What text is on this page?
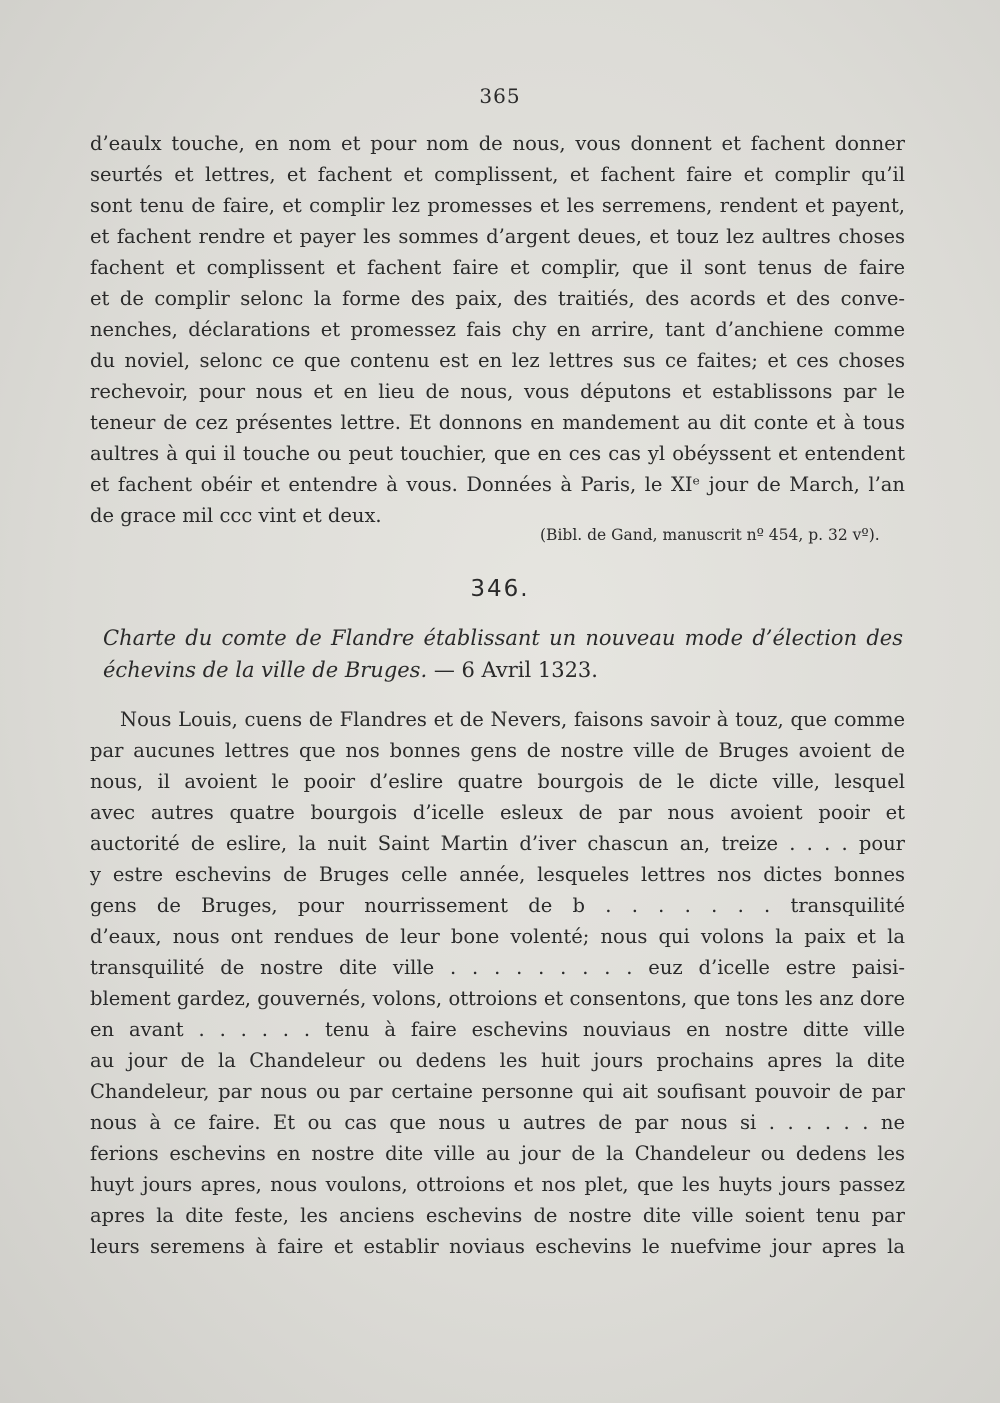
365
d’eaulx touche, en nom et pour nom de nous, vous donnent et fachent donner
seurtés et lettres, et fachent et complissent, et fachent faire et complir qu’il
sont tenu de faire, et complir lez promesses et les serremens, rendent et payent,
et fachent rendre et payer les sommes d’argent deues, et touz lez aultres choses
fachent et complissent et fachent faire et complir, que il sont tenus de faire
et de complir selonc la forme des paix, des traitiés, des acords et des conve-
nenches, déclarations et promessez fais chy en arrire, tant d’anchiene comme
du noviel, selonc ce que contenu est en lez lettres sus ce faites; et ces choses
rechevoir, pour nous et en lieu de nous, vous députons et establissons par le
teneur de cez présentes lettre. Et donnons en mandement au dit conte et à tous
aultres à qui il touche ou peut touchier, que en ces cas yl obéyssent et entendent
et fachent obéir et entendre à vous. Données à Paris, le XIᵉ jour de March, l’an
de grace mil ccc vint et deux.
(Bibl. de Gand, manuscrit nº 454, p. 32 vº).
346.
Charte du comte de Flandre établissant un nouveau mode d’élection des
échevins de la ville de Bruges. — 6 Avril 1323.
Nous Louis, cuens de Flandres et de Nevers, faisons savoir à touz, que comme
par aucunes lettres que nos bonnes gens de nostre ville de Bruges avoient de
nous, il avoient le pooir d’eslire quatre bourgois de le dicte ville, lesquel
avec autres quatre bourgois d’icelle esleux de par nous avoient pooir et
auctorité de eslire, la nuit Saint Martin d’iver chascun an, treize . . . . pour
y estre eschevins de Bruges celle année, lesqueles lettres nos dictes bonnes
gens de Bruges, pour nourrissement de b . . . . . . . transquilité
d’eaux, nous ont rendues de leur bone volenté; nous qui volons la paix et la
transquilité de nostre dite ville . . . . . . . . . euz d’icelle estre paisi-
blement gardez, gouvernés, volons, ottroions et consentons, que tons les anz dore
en avant . . . . . . tenu à faire eschevins nouviaus en nostre ditte ville
au jour de la Chandeleur ou dedens les huit jours prochains apres la dite
Chandeleur, par nous ou par certaine personne qui ait soufisant pouvoir de par
nous à ce faire. Et ou cas que nous u autres de par nous si . . . . . . ne
ferions eschevins en nostre dite ville au jour de la Chandeleur ou dedens les
huyt jours apres, nous voulons, ottroions et nos plet, que les huyts jours passez
apres la dite feste, les anciens eschevins de nostre dite ville soient tenu par
leurs seremens à faire et establir noviaus eschevins le nuefvime jour apres la
